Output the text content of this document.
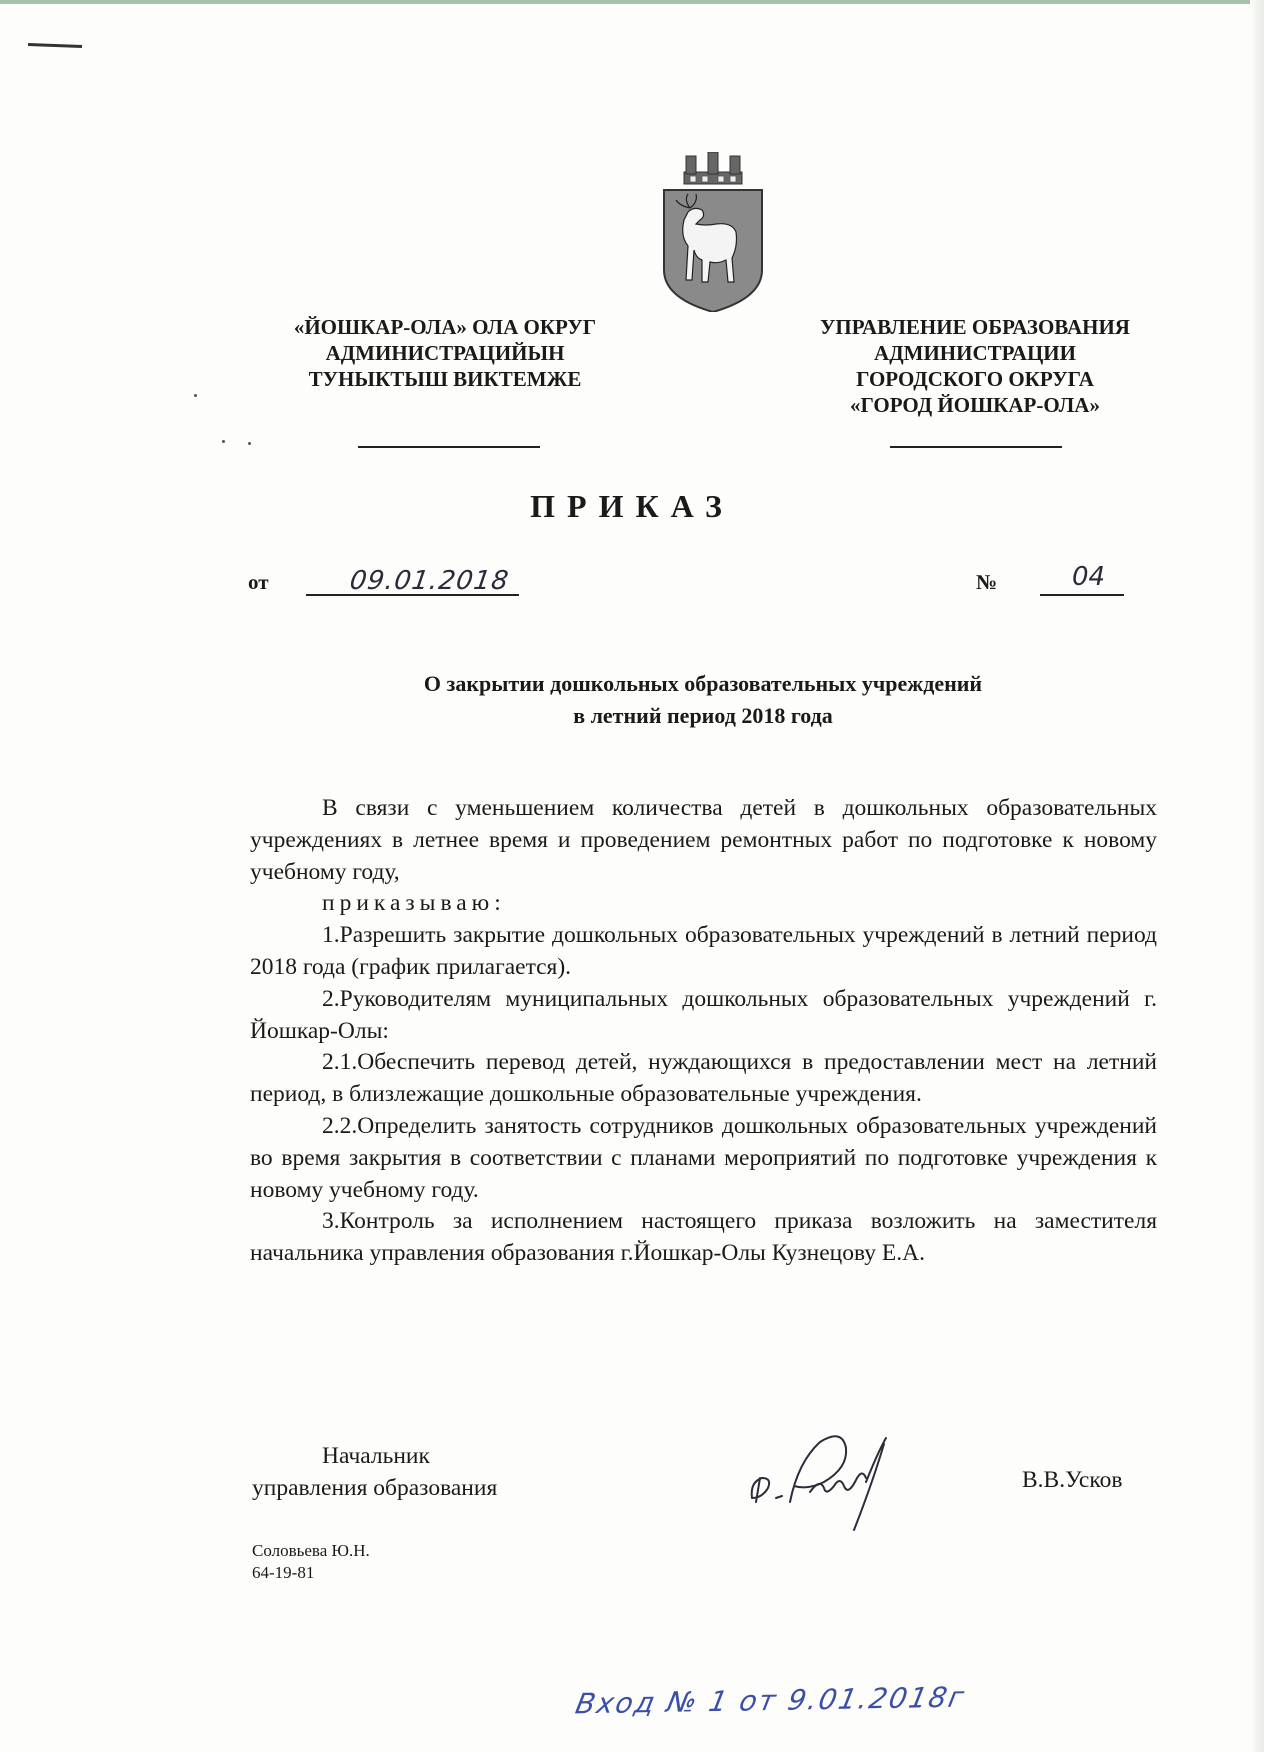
«ЙОШКАР-ОЛА» ОЛА ОКРУГ
АДМИНИСТРАЦИЙЫН
ТУНЫКТЫШ ВИКТЕМЖЕ
УПРАВЛЕНИЕ ОБРАЗОВАНИЯ
АДМИНИСТРАЦИИ
ГОРОДСКОГО ОКРУГА
«ГОРОД ЙОШКАР-ОЛА»
ПРИКАЗ
от	09.01.2018	№	04
О закрытии дошкольных образовательных учреждений
в летний период 2018 года

В связи с уменьшением количества детей в дошкольных образовательных учреждениях в летнее время и проведением ремонтных работ по подготовке к новому учебному году,

приказываю:

1.Разрешить закрытие дошкольных образовательных учреждений в летний период 2018 года (график прилагается).

2.Руководителям муниципальных дошкольных образовательных учреждений г. Йошкар-Олы:

2.1.Обеспечить перевод детей, нуждающихся в предоставлении мест на летний период, в близлежащие дошкольные образовательные учреждения.

2.2.Определить занятость сотрудников дошкольных образовательных учреждений во время закрытия в соответствии с планами мероприятий по подготовке учреждения к новому учебному году.

3.Контроль за исполнением настоящего приказа возложить на заместителя начальника управления образования г.Йошкар-Олы Кузнецову Е.А.

Начальник
управления образования	В.В.Усков
Соловьева Ю.Н.
64-19-81
Вход № 1 от 9.01.2018г
